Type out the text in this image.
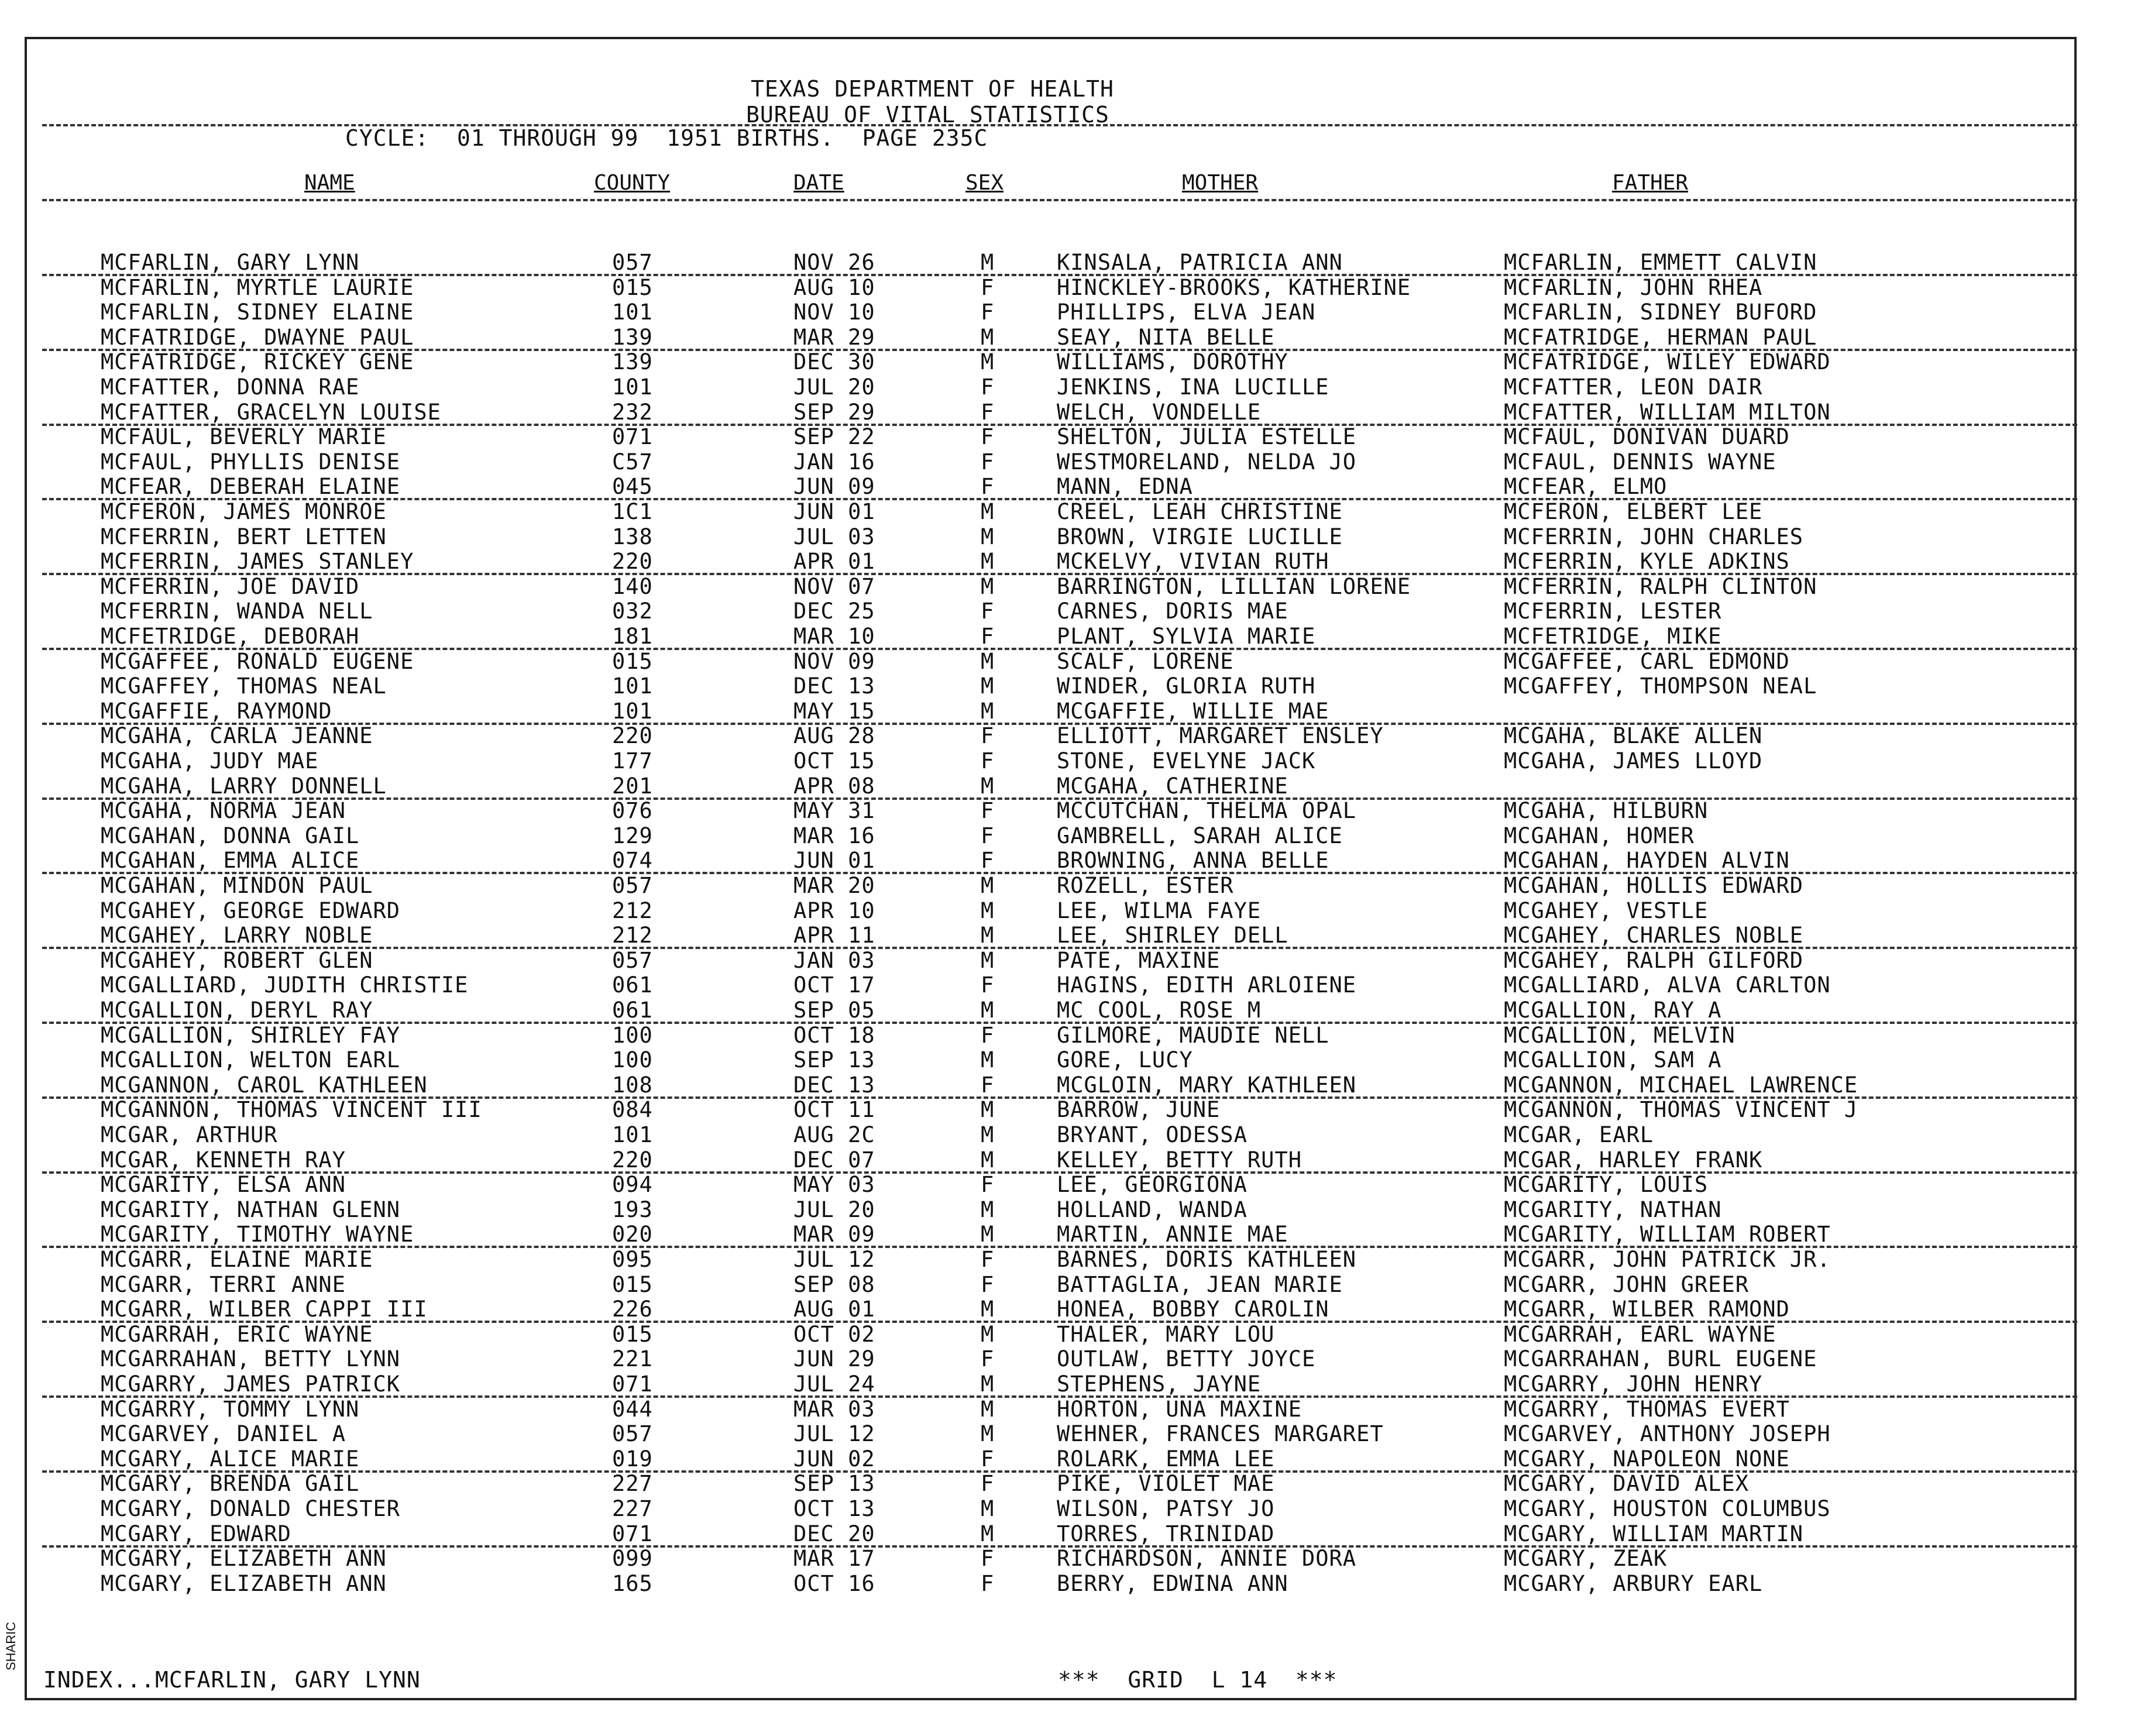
TEXAS DEPARTMENT OF HEALTH
BUREAU OF VITAL STATISTICS
CYCLE:  01 THROUGH 99  1951 BIRTHS.  PAGE 235C
NAME	COUNTY	DATE	SEX	MOTHER	FATHER
MCFARLIN, GARY LYNN	057	NOV 26	M	KINSALA, PATRICIA ANN	MCFARLIN, EMMETT CALVIN
MCFARLIN, MYRTLE LAURIE	015	AUG 10	F	HINCKLEY-BROOKS, KATHERINE	MCFARLIN, JOHN RHEA
MCFARLIN, SIDNEY ELAINE	101	NOV 10	F	PHILLIPS, ELVA JEAN	MCFARLIN, SIDNEY BUFORD
MCFATRIDGE, DWAYNE PAUL	139	MAR 29	M	SEAY, NITA BELLE	MCFATRIDGE, HERMAN PAUL
MCFATRIDGE, RICKEY GENE	139	DEC 30	M	WILLIAMS, DOROTHY	MCFATRIDGE, WILEY EDWARD
MCFATTER, DONNA RAE	101	JUL 20	F	JENKINS, INA LUCILLE	MCFATTER, LEON DAIR
MCFATTER, GRACELYN LOUISE	232	SEP 29	F	WELCH, VONDELLE	MCFATTER, WILLIAM MILTON
MCFAUL, BEVERLY MARIE	071	SEP 22	F	SHELTON, JULIA ESTELLE	MCFAUL, DONIVAN DUARD
MCFAUL, PHYLLIS DENISE	C57	JAN 16	F	WESTMORELAND, NELDA JO	MCFAUL, DENNIS WAYNE
MCFEAR, DEBERAH ELAINE	045	JUN 09	F	MANN, EDNA	MCFEAR, ELMO
MCFERON, JAMES MONROE	1C1	JUN 01	M	CREEL, LEAH CHRISTINE	MCFERON, ELBERT LEE
MCFERRIN, BERT LETTEN	138	JUL 03	M	BROWN, VIRGIE LUCILLE	MCFERRIN, JOHN CHARLES
MCFERRIN, JAMES STANLEY	220	APR 01	M	MCKELVY, VIVIAN RUTH	MCFERRIN, KYLE ADKINS
MCFERRIN, JOE DAVID	140	NOV 07	M	BARRINGTON, LILLIAN LORENE	MCFERRIN, RALPH CLINTON
MCFERRIN, WANDA NELL	032	DEC 25	F	CARNES, DORIS MAE	MCFERRIN, LESTER
MCFETRIDGE, DEBORAH	181	MAR 10	F	PLANT, SYLVIA MARIE	MCFETRIDGE, MIKE
MCGAFFEE, RONALD EUGENE	015	NOV 09	M	SCALF, LORENE	MCGAFFEE, CARL EDMOND
MCGAFFEY, THOMAS NEAL	101	DEC 13	M	WINDER, GLORIA RUTH	MCGAFFEY, THOMPSON NEAL
MCGAFFIE, RAYMOND	101	MAY 15	M	MCGAFFIE, WILLIE MAE
MCGAHA, CARLA JEANNE	220	AUG 28	F	ELLIOTT, MARGARET ENSLEY	MCGAHA, BLAKE ALLEN
MCGAHA, JUDY MAE	177	OCT 15	F	STONE, EVELYNE JACK	MCGAHA, JAMES LLOYD
MCGAHA, LARRY DONNELL	201	APR 08	M	MCGAHA, CATHERINE
MCGAHA, NORMA JEAN	076	MAY 31	F	MCCUTCHAN, THELMA OPAL	MCGAHA, HILBURN
MCGAHAN, DONNA GAIL	129	MAR 16	F	GAMBRELL, SARAH ALICE	MCGAHAN, HOMER
MCGAHAN, EMMA ALICE	074	JUN 01	F	BROWNING, ANNA BELLE	MCGAHAN, HAYDEN ALVIN
MCGAHAN, MINDON PAUL	057	MAR 20	M	ROZELL, ESTER	MCGAHAN, HOLLIS EDWARD
MCGAHEY, GEORGE EDWARD	212	APR 10	M	LEE, WILMA FAYE	MCGAHEY, VESTLE
MCGAHEY, LARRY NOBLE	212	APR 11	M	LEE, SHIRLEY DELL	MCGAHEY, CHARLES NOBLE
MCGAHEY, ROBERT GLEN	057	JAN 03	M	PATE, MAXINE	MCGAHEY, RALPH GILFORD
MCGALLIARD, JUDITH CHRISTIE	061	OCT 17	F	HAGINS, EDITH ARLOIENE	MCGALLIARD, ALVA CARLTON
MCGALLION, DERYL RAY	061	SEP 05	M	MC COOL, ROSE M	MCGALLION, RAY A
MCGALLION, SHIRLEY FAY	100	OCT 18	F	GILMORE, MAUDIE NELL	MCGALLION, MELVIN
MCGALLION, WELTON EARL	100	SEP 13	M	GORE, LUCY	MCGALLION, SAM A
MCGANNON, CAROL KATHLEEN	108	DEC 13	F	MCGLOIN, MARY KATHLEEN	MCGANNON, MICHAEL LAWRENCE
MCGANNON, THOMAS VINCENT III	084	OCT 11	M	BARROW, JUNE	MCGANNON, THOMAS VINCENT J
MCGAR, ARTHUR	101	AUG 2C	M	BRYANT, ODESSA	MCGAR, EARL
MCGAR, KENNETH RAY	220	DEC 07	M	KELLEY, BETTY RUTH	MCGAR, HARLEY FRANK
MCGARITY, ELSA ANN	094	MAY 03	F	LEE, GEORGIONA	MCGARITY, LOUIS
MCGARITY, NATHAN GLENN	193	JUL 20	M	HOLLAND, WANDA	MCGARITY, NATHAN
MCGARITY, TIMOTHY WAYNE	020	MAR 09	M	MARTIN, ANNIE MAE	MCGARITY, WILLIAM ROBERT
MCGARR, ELAINE MARIE	095	JUL 12	F	BARNES, DORIS KATHLEEN	MCGARR, JOHN PATRICK JR.
MCGARR, TERRI ANNE	015	SEP 08	F	BATTAGLIA, JEAN MARIE	MCGARR, JOHN GREER
MCGARR, WILBER CAPPI III	226	AUG 01	M	HONEA, BOBBY CAROLIN	MCGARR, WILBER RAMOND
MCGARRAH, ERIC WAYNE	015	OCT 02	M	THALER, MARY LOU	MCGARRAH, EARL WAYNE
MCGARRAHAN, BETTY LYNN	221	JUN 29	F	OUTLAW, BETTY JOYCE	MCGARRAHAN, BURL EUGENE
MCGARRY, JAMES PATRICK	071	JUL 24	M	STEPHENS, JAYNE	MCGARRY, JOHN HENRY
MCGARRY, TOMMY LYNN	044	MAR 03	M	HORTON, UNA MAXINE	MCGARRY, THOMAS EVERT
MCGARVEY, DANIEL A	057	JUL 12	M	WEHNER, FRANCES MARGARET	MCGARVEY, ANTHONY JOSEPH
MCGARY, ALICE MARIE	019	JUN 02	F	ROLARK, EMMA LEE	MCGARY, NAPOLEON NONE
MCGARY, BRENDA GAIL	227	SEP 13	F	PIKE, VIOLET MAE	MCGARY, DAVID ALEX
MCGARY, DONALD CHESTER	227	OCT 13	M	WILSON, PATSY JO	MCGARY, HOUSTON COLUMBUS
MCGARY, EDWARD	071	DEC 20	M	TORRES, TRINIDAD	MCGARY, WILLIAM MARTIN
MCGARY, ELIZABETH ANN	099	MAR 17	F	RICHARDSON, ANNIE DORA	MCGARY, ZEAK
MCGARY, ELIZABETH ANN	165	OCT 16	F	BERRY, EDWINA ANN	MCGARY, ARBURY EARL
INDEX...MCFARLIN, GARY LYNN	***  GRID  L 14  ***
SHARIC
